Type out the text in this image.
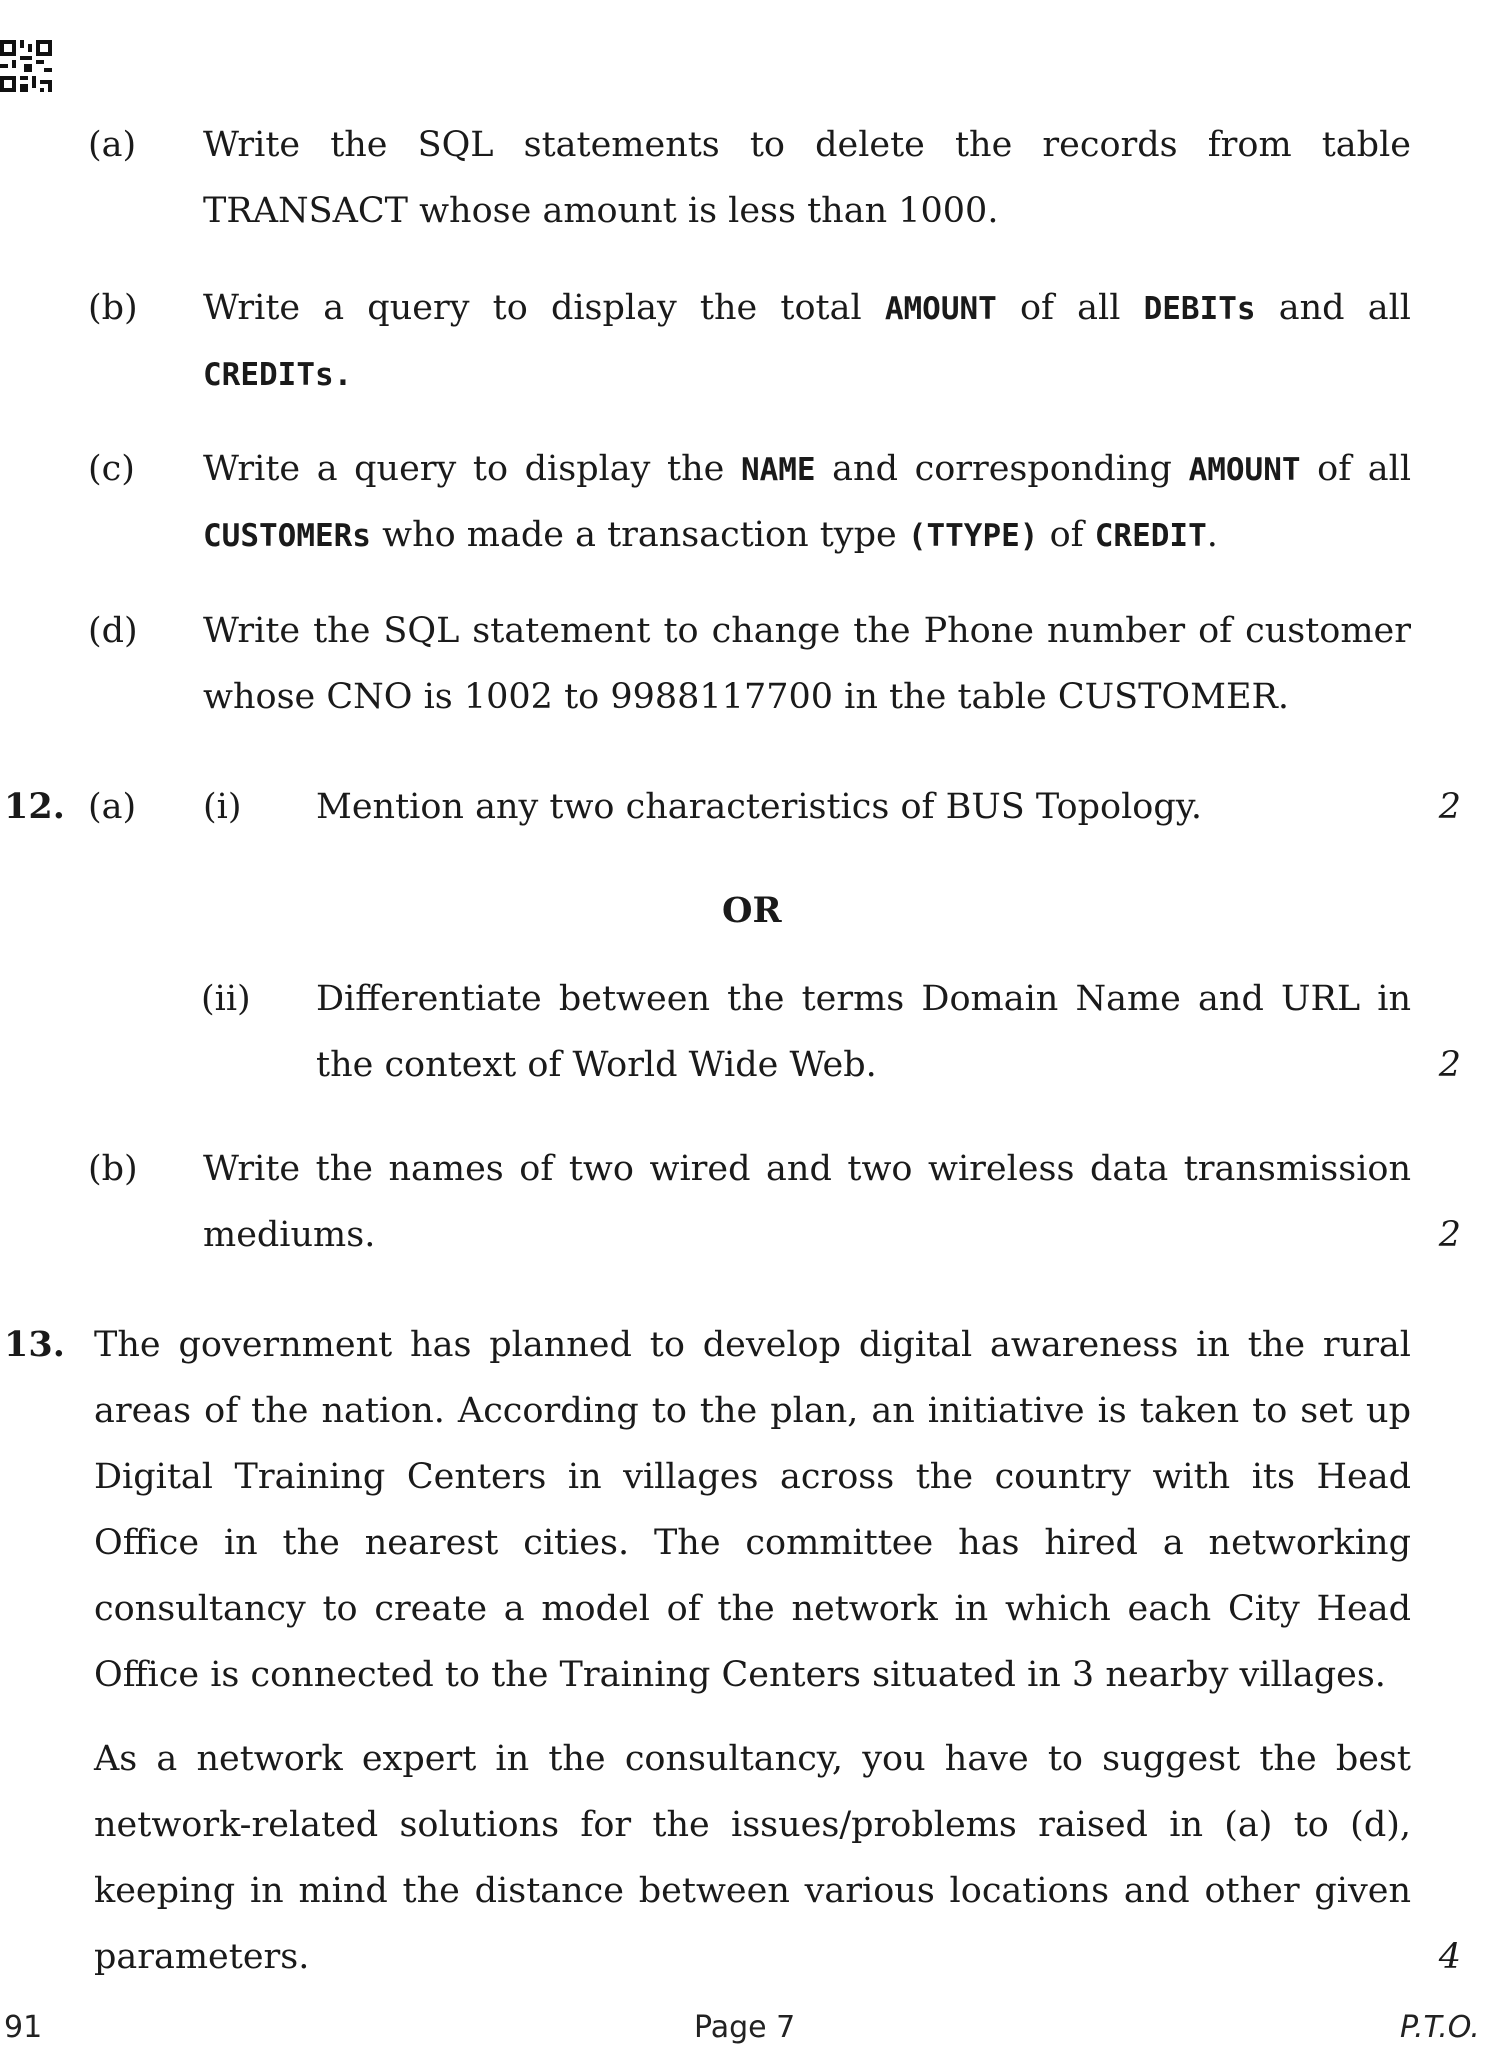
(a) Write the SQL statements to delete the records from table
TRANSACT whose amount is less than 1000.
(b) Write a query to display the total AMOUNT of all DEBITs and all
CREDITs.
(c) Write a query to display the NAME and corresponding AMOUNT of all
CUSTOMERs who made a transaction type (TTYPE) of CREDIT.
(d) Write the SQL statement to change the Phone number of customer
whose CNO is 1002 to 9988117700 in the table CUSTOMER.
12. (a) (i) Mention any two characteristics of BUS Topology.	2
OR
(ii) Differentiate between the terms Domain Name and URL in
the context of World Wide Web.	2
(b) Write the names of two wired and two wireless data transmission
mediums.	2
13. The government has planned to develop digital awareness in the rural
areas of the nation. According to the plan, an initiative is taken to set up
Digital Training Centers in villages across the country with its Head
Office in the nearest cities. The committee has hired a networking
consultancy to create a model of the network in which each City Head
Office is connected to the Training Centers situated in 3 nearby villages.
As a network expert in the consultancy, you have to suggest the best
network-related solutions for the issues/problems raised in (a) to (d),
keeping in mind the distance between various locations and other given
parameters.	4
91	Page 7	P.T.O.
